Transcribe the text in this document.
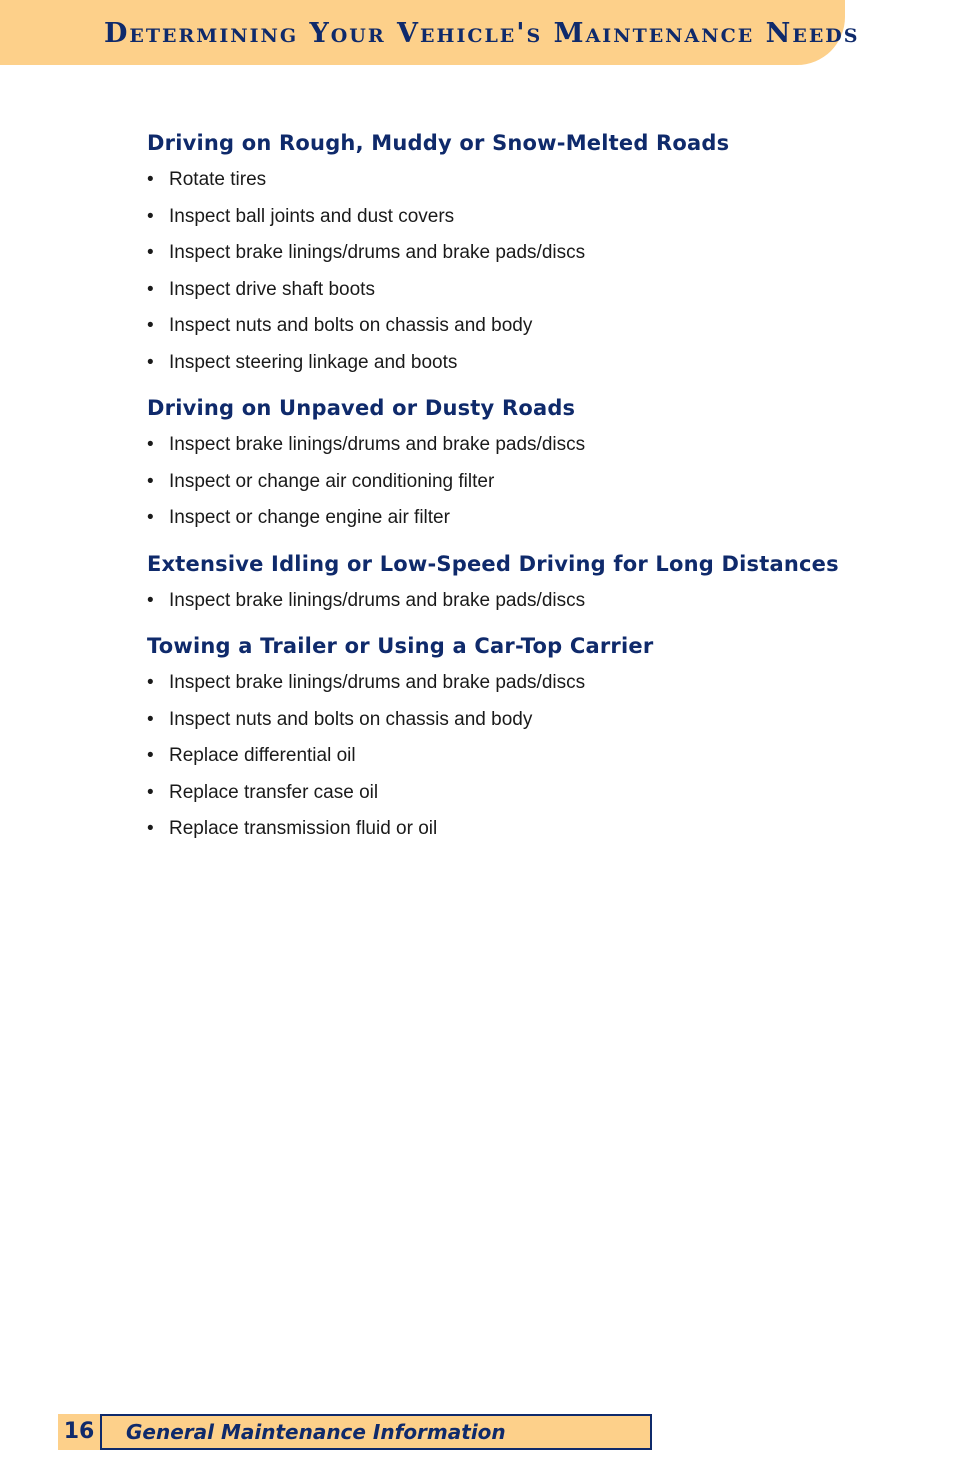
Determining Your Vehicle's Maintenance Needs
Driving on Rough, Muddy or Snow-Melted Roads
•Rotate tires
•Inspect ball joints and dust covers
•Inspect brake linings/drums and brake pads/discs
•Inspect drive shaft boots
•Inspect nuts and bolts on chassis and body
•Inspect steering linkage and boots
Driving on Unpaved or Dusty Roads
•Inspect brake linings/drums and brake pads/discs
•Inspect or change air conditioning filter
•Inspect or change engine air filter
Extensive Idling or Low-Speed Driving for Long Distances
•Inspect brake linings/drums and brake pads/discs
Towing a Trailer or Using a Car-Top Carrier
•Inspect brake linings/drums and brake pads/discs
•Inspect nuts and bolts on chassis and body
•Replace differential oil
•Replace transfer case oil
•Replace transmission fluid or oil
16 General Maintenance Information
